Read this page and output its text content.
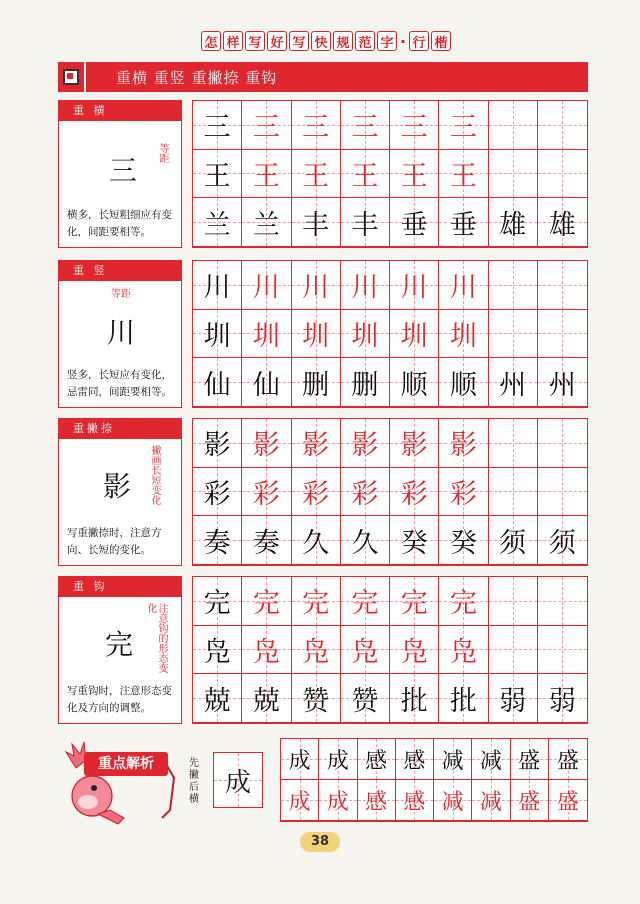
怎 样 写 好 写 快 规 范 字 · 行 楷
重横 重竖 重撇捺 重钩
重 横
三
等距
横多，长短粗细应有变化，间距要相等。
三 三 三 三 三 三
王 王 王 王 王 王
兰 兰 丰 丰 垂 垂 雄 雄
重 竖
等距
川
竖多，长短应有变化，忌雷同，间距要相等。
川 川 川 川 川 川
圳 圳 圳 圳 圳 圳
仙 仙 删 删 顺 顺 州 州
重撇捺
影 撇画长短变化
写重撇捺时，注意方向、长短的变化。
影 影 影 影 影 影
彩 彩 彩 彩 彩 彩
奏 奏 久 久 癸 癸 须 须
重 钩
完	注意钩的形态变化
写重钩时，注意形态变化及方向的调整。
完 完 完 完 完 完
凫 凫 凫 凫 凫 凫
兢 兢 赞 赞 批 批 弱 弱
重点解析	先撇后横
成
成 成 感 感 减 减 盛 盛
成 成 感 感 减 减 盛 盛
38
